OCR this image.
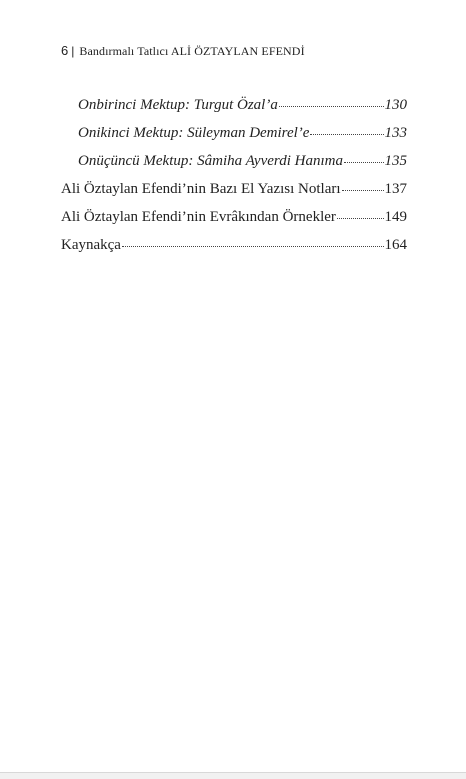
6 | Bandırmalı Tatlıcı ALİ ÖZTAYLAN EFENDİ
Onbirinci Mektup: Turgut Özal’a	130
Onikinci Mektup: Süleyman Demirel’e	133
Onüçüncü Mektup: Sâmiha Ayverdi Hanıma	135
Ali Öztaylan Efendi’nin Bazı El Yazısı Notları	137
Ali Öztaylan Efendi’nin Evrâkından Örnekler	149
Kaynakça	164
